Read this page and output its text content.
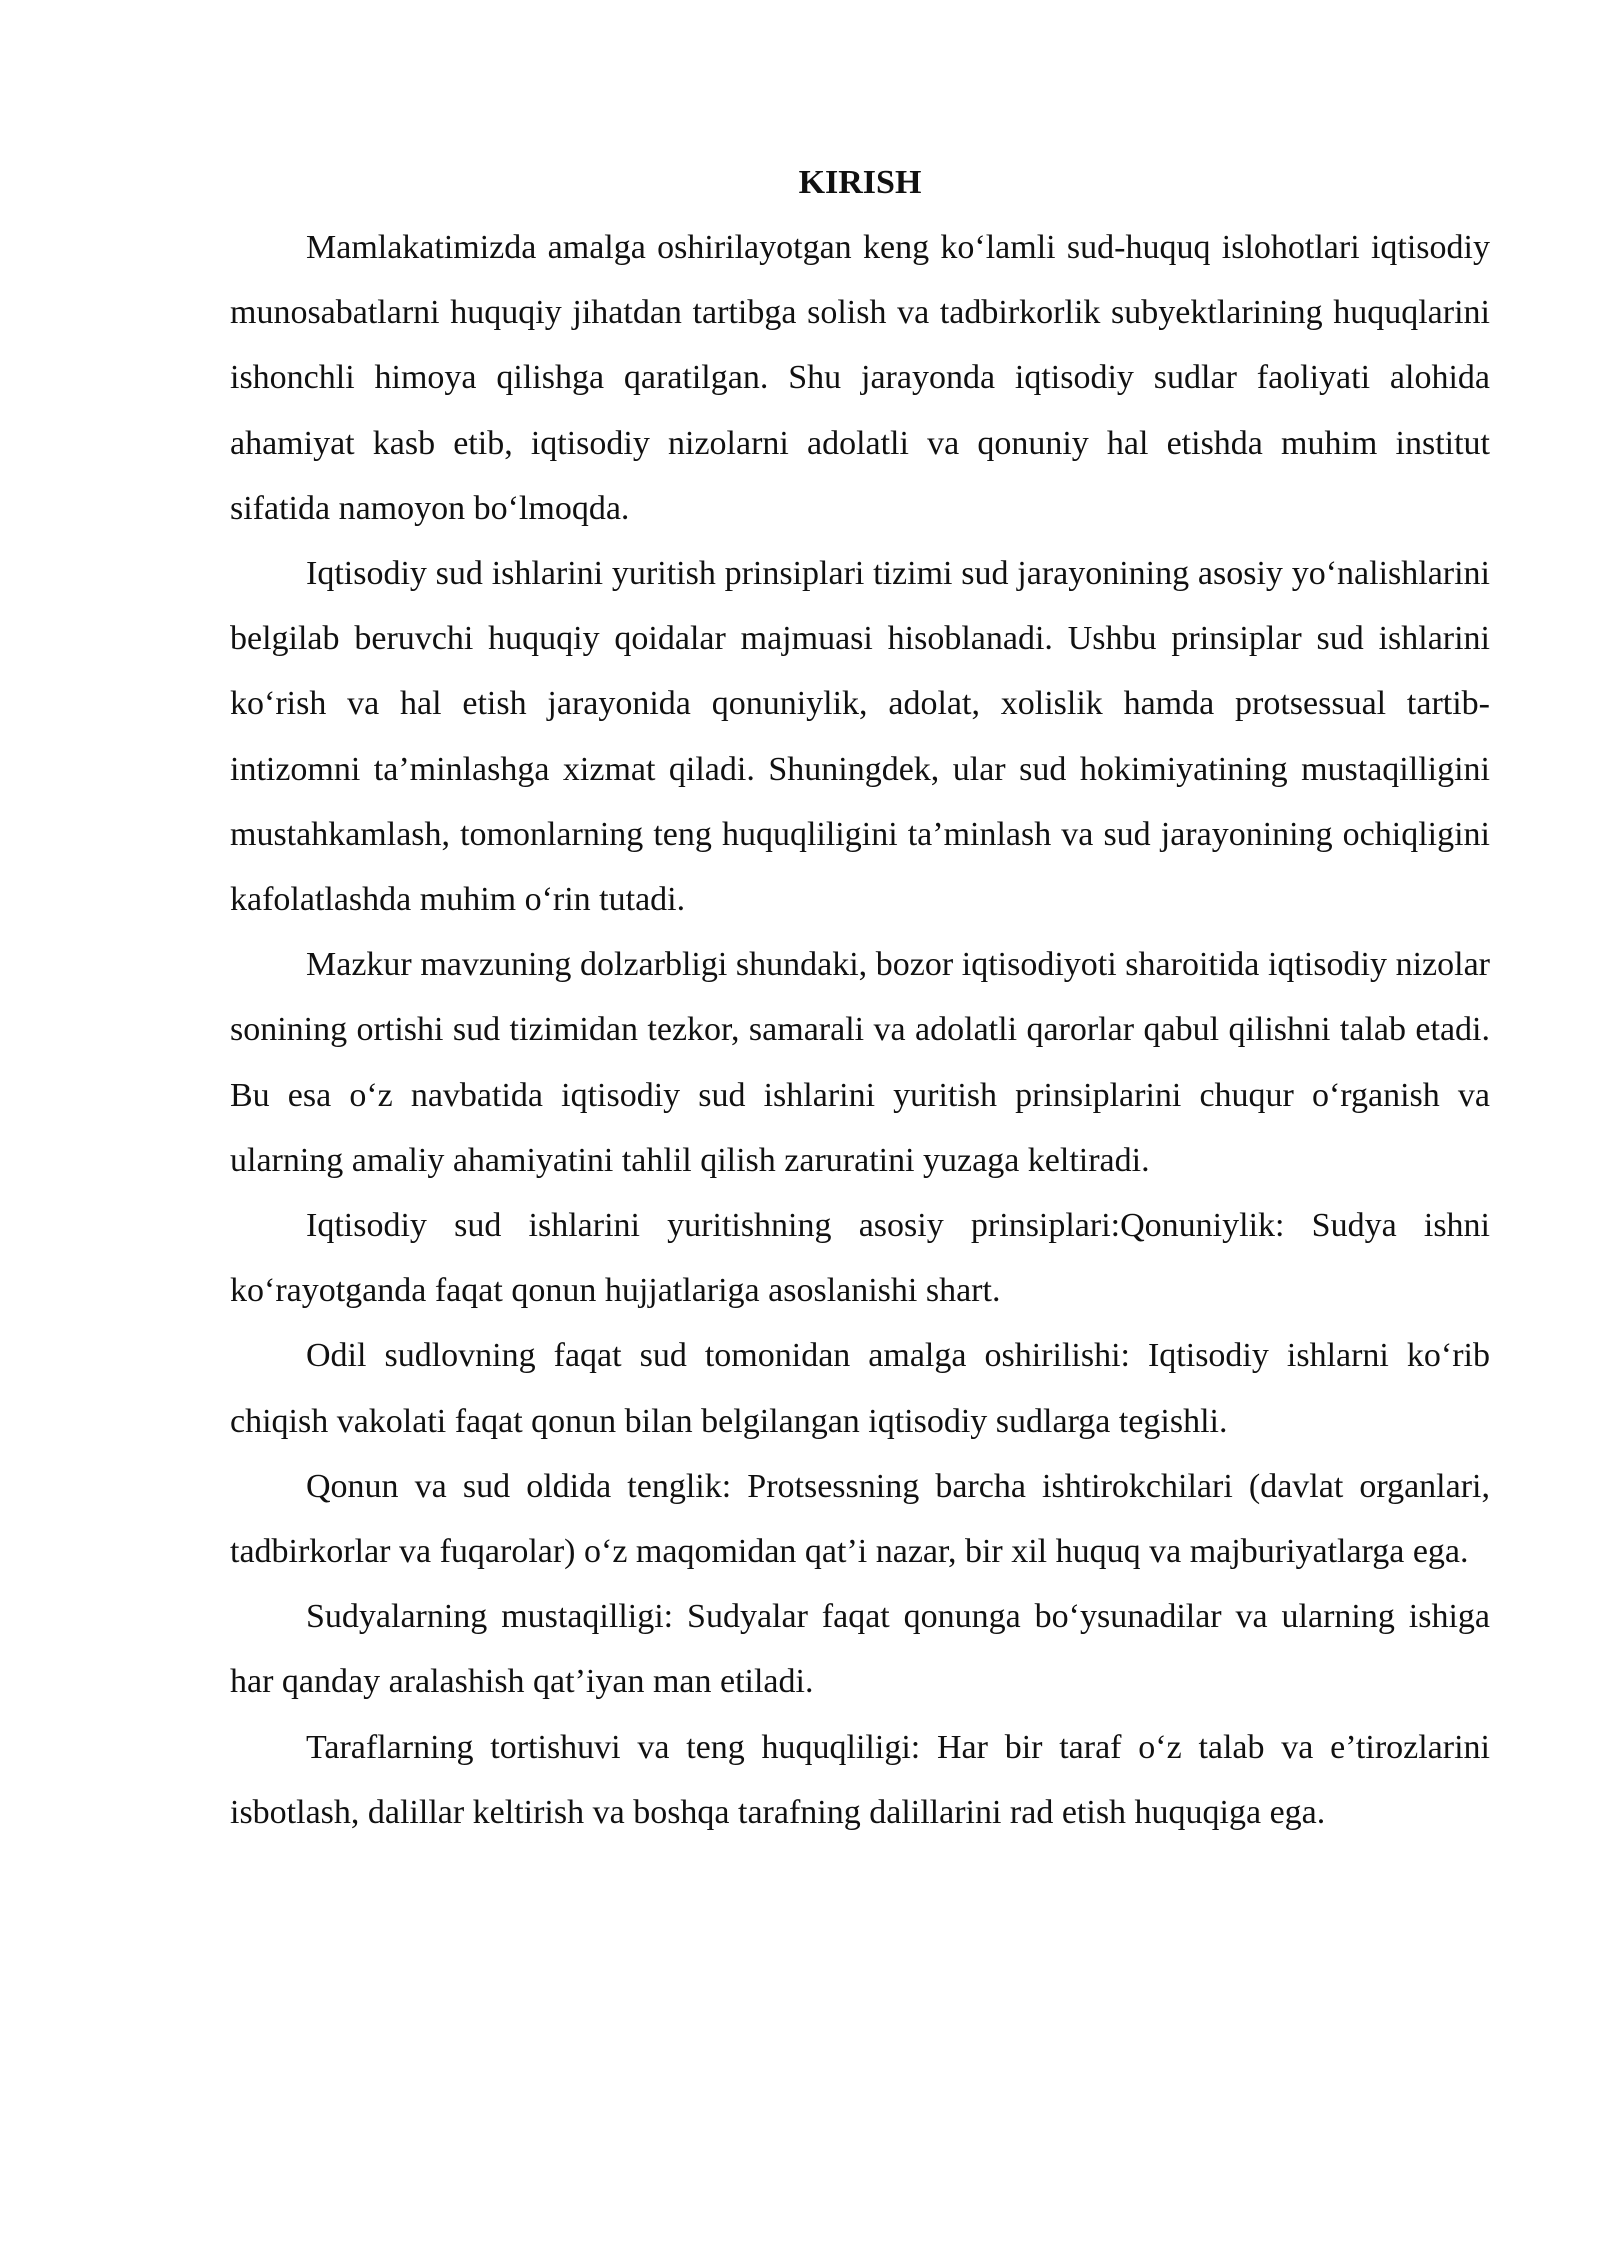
KIRISH

Mamlakatimizda amalga oshirilayotgan keng ko‘lamli sud-huquq islohotlari iqtisodiy munosabatlarni huquqiy jihatdan tartibga solish va tadbirkorlik subyektlarining huquqlarini ishonchli himoya qilishga qaratilgan. Shu jarayonda iqtisodiy sudlar faoliyati alohida ahamiyat kasb etib, iqtisodiy nizolarni adolatli va qonuniy hal etishda muhim institut sifatida namoyon bo‘lmoqda.

Iqtisodiy sud ishlarini yuritish prinsiplari tizimi sud jarayonining asosiy yo‘nalishlarini belgilab beruvchi huquqiy qoidalar majmuasi hisoblanadi. Ushbu prinsiplar sud ishlarini ko‘rish va hal etish jarayonida qonuniylik, adolat, xolislik hamda protsessual tartib-intizomni ta’minlashga xizmat qiladi. Shuningdek, ular sud hokimiyatining mustaqilligini mustahkamlash, tomonlarning teng huquqliligini ta’minlash va sud jarayonining ochiqligini kafolatlashda muhim o‘rin tutadi.

Mazkur mavzuning dolzarbligi shundaki, bozor iqtisodiyoti sharoitida iqtisodiy nizolar sonining ortishi sud tizimidan tezkor, samarali va adolatli qarorlar qabul qilishni talab etadi. Bu esa o‘z navbatida iqtisodiy sud ishlarini yuritish prinsiplarini chuqur o‘rganish va ularning amaliy ahamiyatini tahlil qilish zaruratini yuzaga keltiradi.

Iqtisodiy sud ishlarini yuritishning asosiy prinsiplari:Qonuniylik: Sudya ishni ko‘rayotganda faqat qonun hujjatlariga asoslanishi shart.

Odil sudlovning faqat sud tomonidan amalga oshirilishi: Iqtisodiy ishlarni ko‘rib chiqish vakolati faqat qonun bilan belgilangan iqtisodiy sudlarga tegishli.

Qonun va sud oldida tenglik: Protsessning barcha ishtirokchilari (davlat organlari, tadbirkorlar va fuqarolar) o‘z maqomidan qat’i nazar, bir xil huquq va majburiyatlarga ega.

Sudyalarning mustaqilligi: Sudyalar faqat qonunga bo‘ysunadilar va ularning ishiga har qanday aralashish qat’iyan man etiladi.

Taraflarning tortishuvi va teng huquqliligi: Har bir taraf o‘z talab va e’tirozlarini isbotlash, dalillar keltirish va boshqa tarafning dalillarini rad etish huquqiga ega.
